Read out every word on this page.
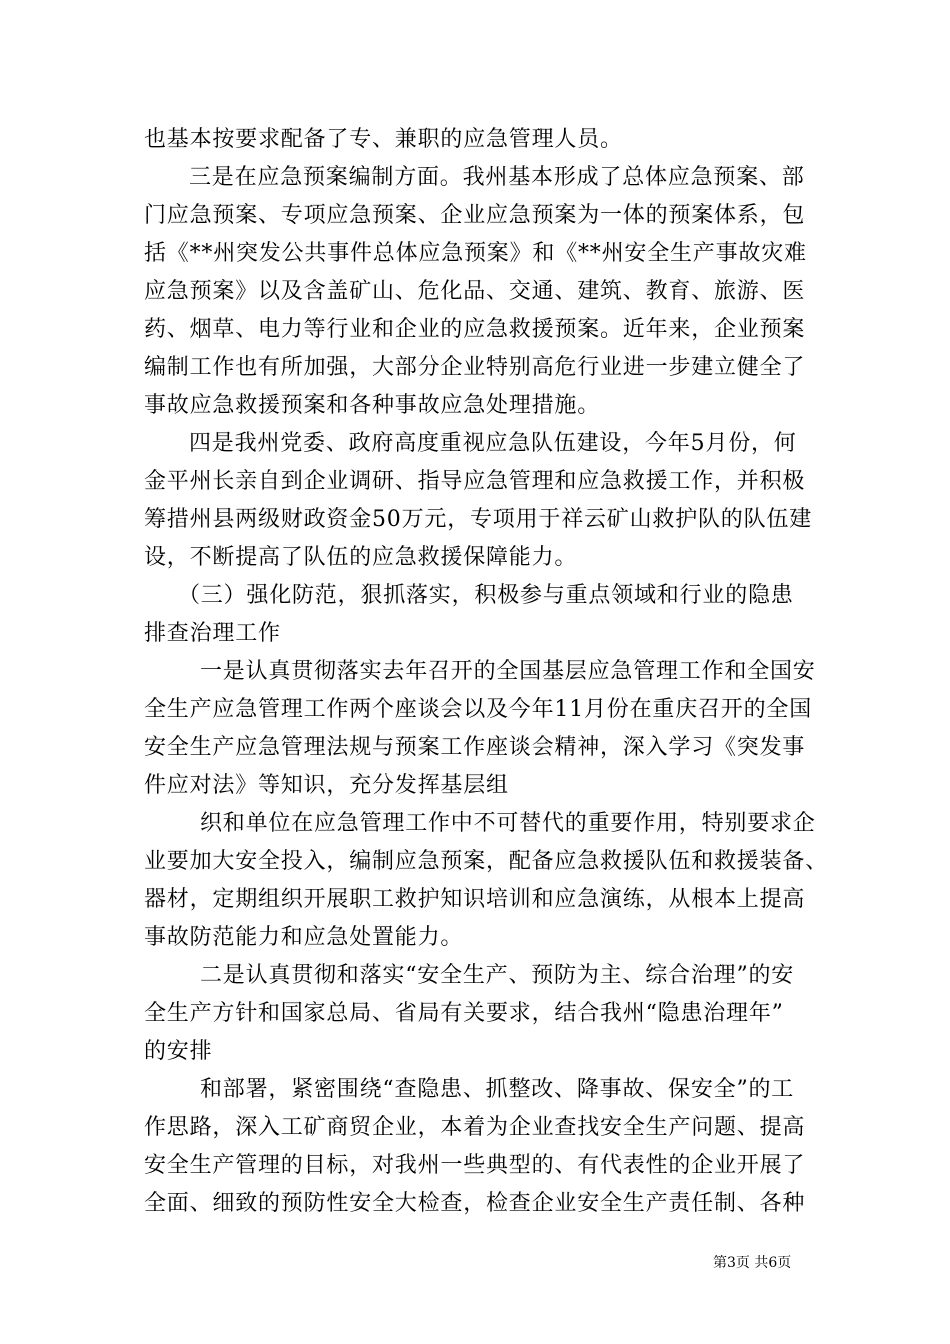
也基本按要求配备了专、兼职的应急管理人员。
三是在应急预案编制方面。我州基本形成了总体应急预案、部
门应急预案、专项应急预案、企业应急预案为一体的预案体系，包
括《**州突发公共事件总体应急预案》和《**州安全生产事故灾难
应急预案》以及含盖矿山、危化品、交通、建筑、教育、旅游、医
药、烟草、电力等行业和企业的应急救援预案。近年来，企业预案
编制工作也有所加强，大部分企业特别高危行业进一步建立健全了
事故应急救援预案和各种事故应急处理措施。
四是我州党委、政府高度重视应急队伍建设，今年5月份，何
金平州长亲自到企业调研、指导应急管理和应急救援工作，并积极
筹措州县两级财政资金50万元，专项用于祥云矿山救护队的队伍建
设，不断提高了队伍的应急救援保障能力。
（三）强化防范，狠抓落实，积极参与重点领域和行业的隐患
排查治理工作
一是认真贯彻落实去年召开的全国基层应急管理工作和全国安
全生产应急管理工作两个座谈会以及今年11月份在重庆召开的全国
安全生产应急管理法规与预案工作座谈会精神，深入学习《突发事
件应对法》等知识，充分发挥基层组
织和单位在应急管理工作中不可替代的重要作用，特别要求企
业要加大安全投入，编制应急预案，配备应急救援队伍和救援装备、
器材，定期组织开展职工救护知识培训和应急演练，从根本上提高
事故防范能力和应急处置能力。
二是认真贯彻和落实“安全生产、预防为主、综合治理”的安
全生产方针和国家总局、省局有关要求，结合我州“隐患治理年”
的安排
和部署，紧密围绕“查隐患、抓整改、降事故、保安全”的工
作思路，深入工矿商贸企业，本着为企业查找安全生产问题、提高
安全生产管理的目标，对我州一些典型的、有代表性的企业开展了
全面、细致的预防性安全大检查，检查企业安全生产责任制、各种
第3页 共6页
